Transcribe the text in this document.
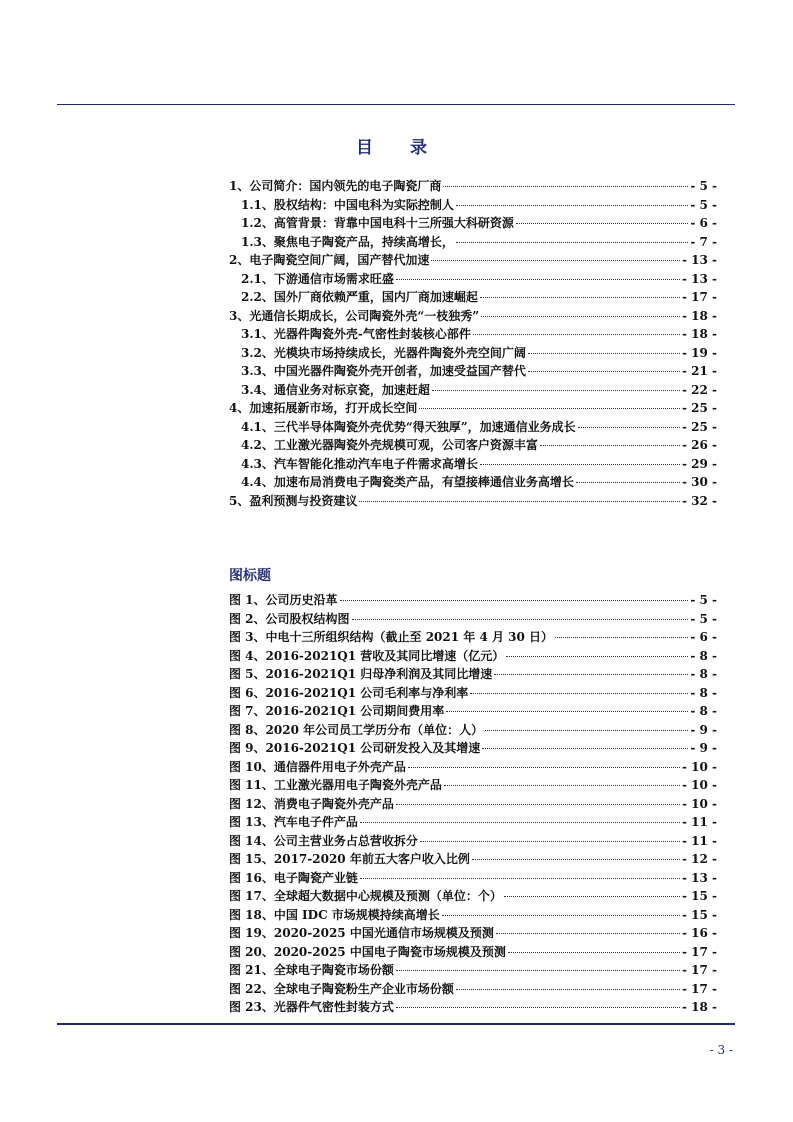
目　录
1、公司简介：国内领先的电子陶瓷厂商	- 5 -
1.1、股权结构：中国电科为实际控制人	- 5 -
1.2、高管背景：背靠中国电科十三所强大科研资源	- 6 -
1.3、聚焦电子陶瓷产品，持续高增长，	- 7 -
2、电子陶瓷空间广阔，国产替代加速	- 13 -
2.1、下游通信市场需求旺盛	- 13 -
2.2、国外厂商依赖严重，国内厂商加速崛起	- 17 -
3、光通信长期成长，公司陶瓷外壳“一枝独秀”	- 18 -
3.1、光器件陶瓷外壳-气密性封装核心部件	- 18 -
3.2、光模块市场持续成长，光器件陶瓷外壳空间广阔	- 19 -
3.3、中国光器件陶瓷外壳开创者，加速受益国产替代	- 21 -
3.4、通信业务对标京瓷，加速赶超	- 22 -
4、加速拓展新市场，打开成长空间	- 25 -
4.1、三代半导体陶瓷外壳优势“得天独厚”，加速通信业务成长	- 25 -
4.2、工业激光器陶瓷外壳规模可观，公司客户资源丰富	- 26 -
4.3、汽车智能化推动汽车电子件需求高增长	- 29 -
4.4、加速布局消费电子陶瓷类产品，有望接棒通信业务高增长	- 30 -
5、盈利预测与投资建议	- 32 -
图标题
图 1、公司历史沿革	- 5 -
图 2、公司股权结构图	- 5 -
图 3、中电十三所组织结构（截止至 2021 年 4 月 30 日）	- 6 -
图 4、2016-2021Q1 营收及其同比增速（亿元）	- 8 -
图 5、2016-2021Q1 归母净利润及其同比增速	- 8 -
图 6、2016-2021Q1 公司毛利率与净利率	- 8 -
图 7、2016-2021Q1 公司期间费用率	- 8 -
图 8、2020 年公司员工学历分布（单位：人）	- 9 -
图 9、2016-2021Q1 公司研发投入及其增速	- 9 -
图 10、通信器件用电子外壳产品	- 10 -
图 11、工业激光器用电子陶瓷外壳产品	- 10 -
图 12、消费电子陶瓷外壳产品	- 10 -
图 13、汽车电子件产品	- 11 -
图 14、公司主营业务占总营收拆分	- 11 -
图 15、2017-2020 年前五大客户收入比例	- 12 -
图 16、电子陶瓷产业链	- 13 -
图 17、全球超大数据中心规模及预测（单位：个）	- 15 -
图 18、中国 IDC 市场规模持续高增长	- 15 -
图 19、2020-2025 中国光通信市场规模及预测	- 16 -
图 20、2020-2025 中国电子陶瓷市场规模及预测	- 17 -
图 21、全球电子陶瓷市场份额	- 17 -
图 22、全球电子陶瓷粉生产企业市场份额	- 17 -
图 23、光器件气密性封装方式	- 18 -
- 3 -
